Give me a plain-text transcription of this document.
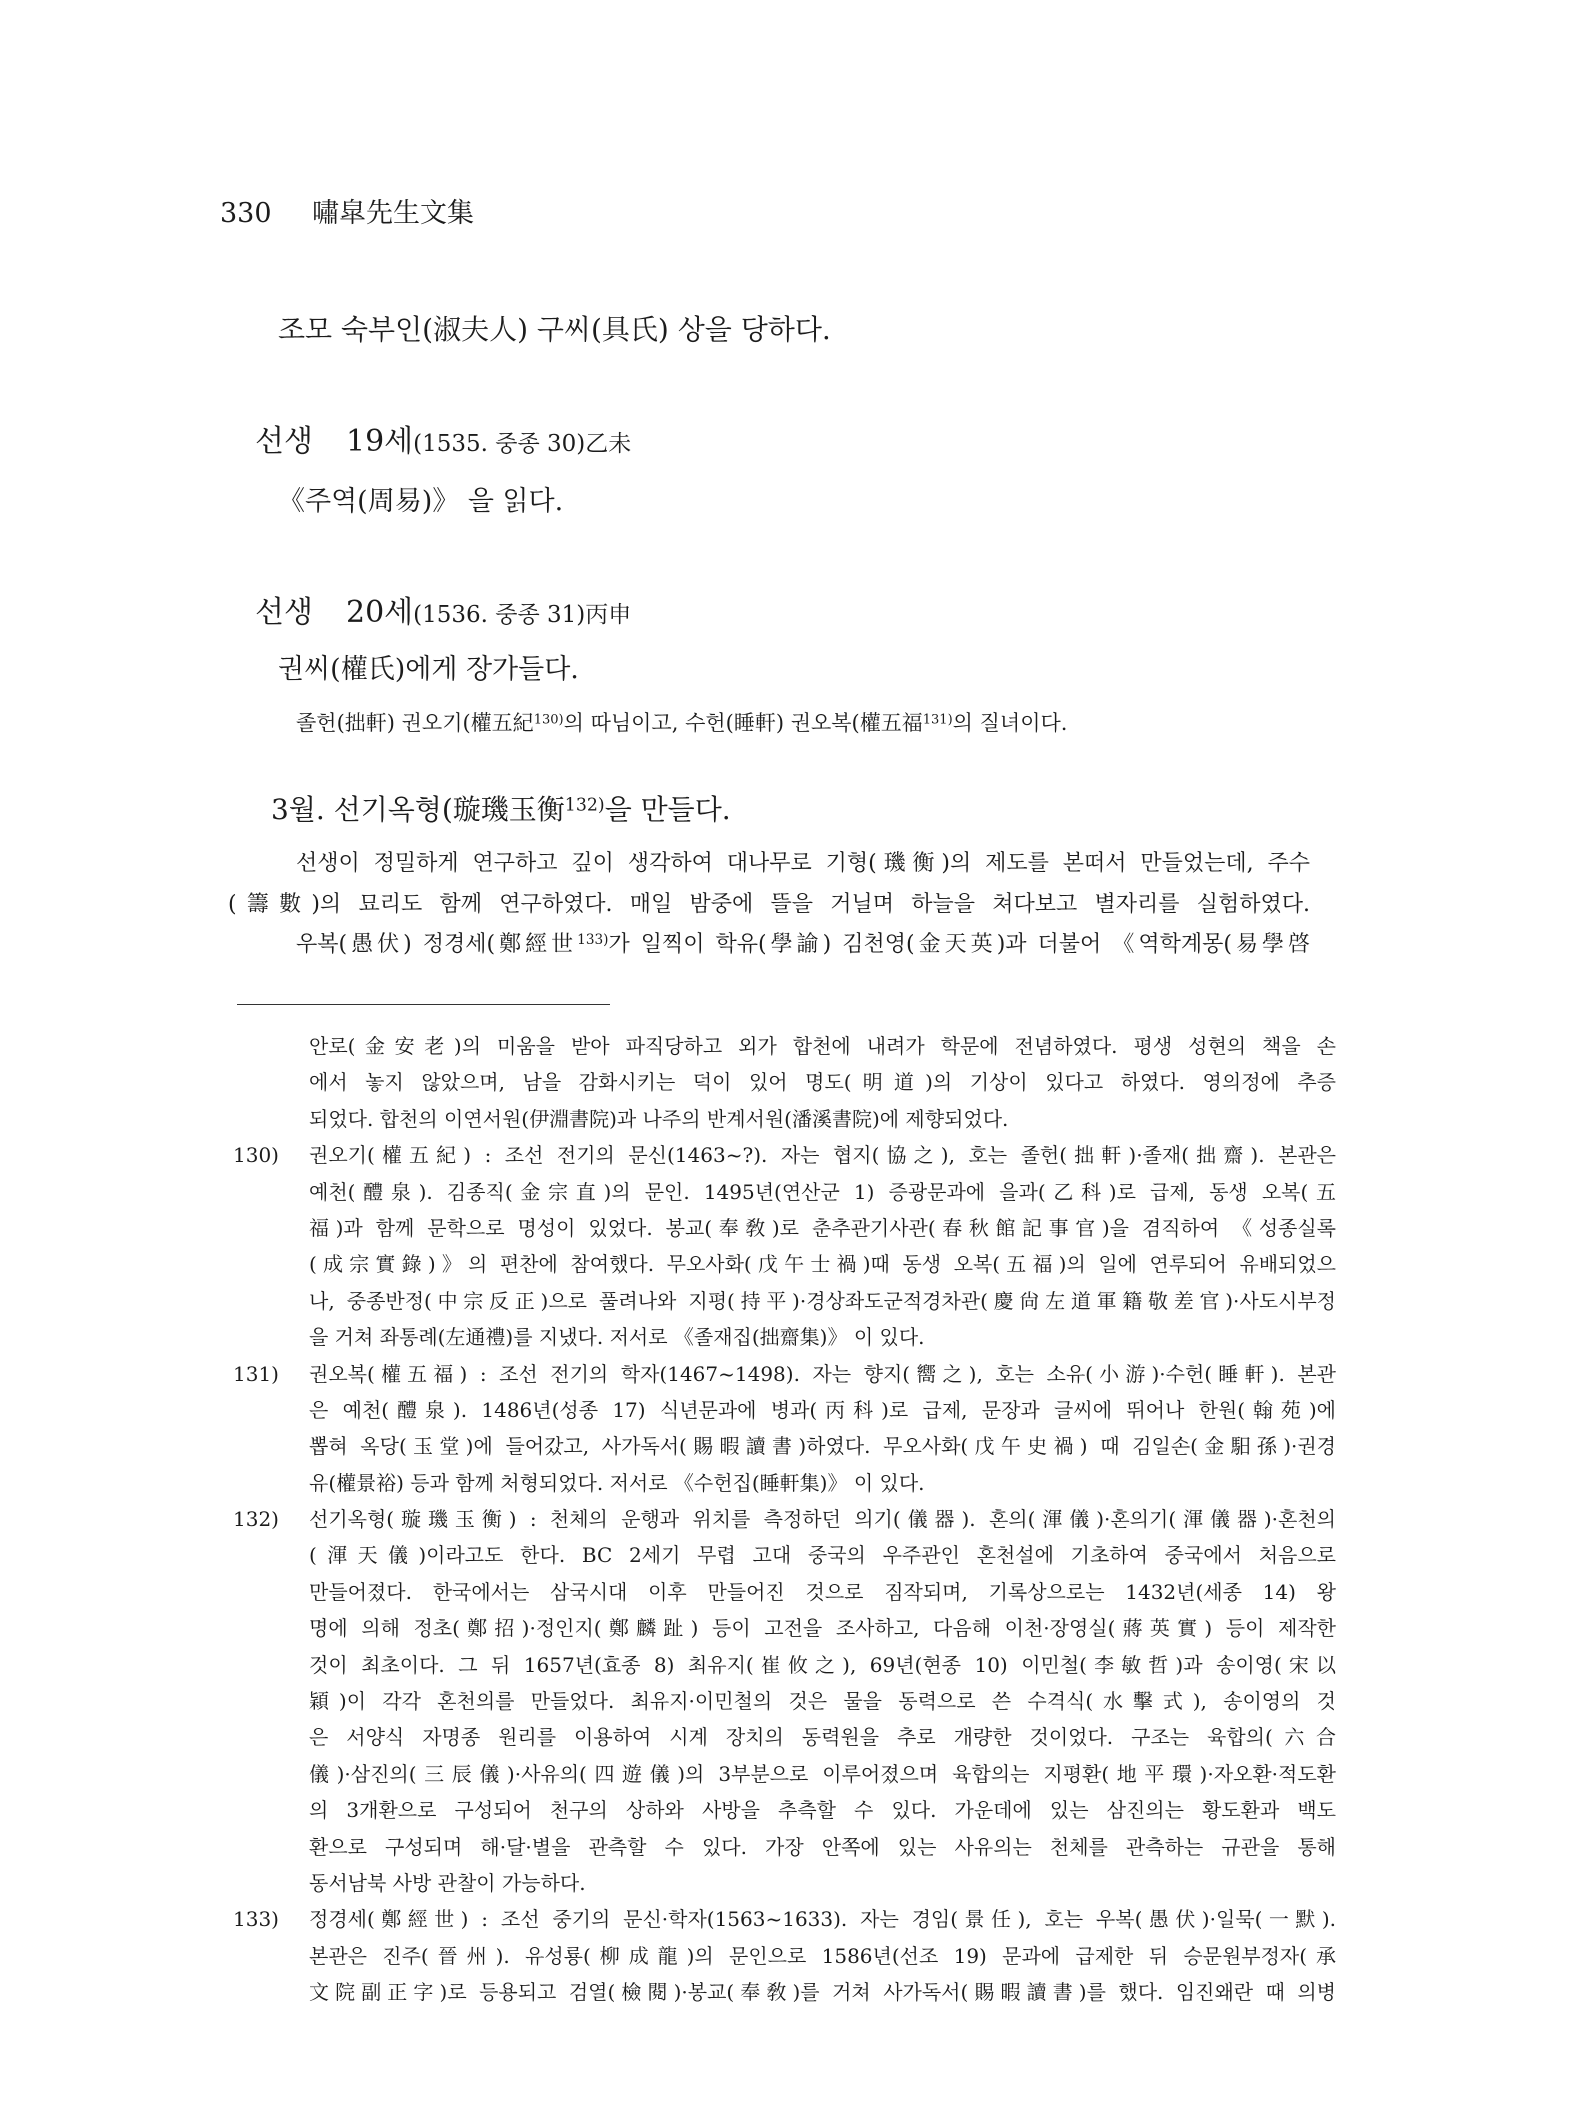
330 嘯皐先生文集
조모 숙부인(淑夫人) 구씨(具氏) 상을 당하다.
선생 19세(1535. 중종 30)乙未
《주역(周易)》 을 읽다.
선생 20세(1536. 중종 31)丙申
권씨(權氏)에게 장가들다.
졸헌(拙軒) 권오기(權五紀$^{130)}$의 따님이고, 수헌(睡軒) 권오복(權五福$^{131)}$의 질녀이다.
3월. 선기옥형(璇璣玉衡$^{132)}$을 만들다.
선생이 정밀하게 연구하고 깊이 생각하여 대나무로 기형(璣衡)의 제도를 본떠서 만들었는데, 주수
(籌數)의 묘리도 함께 연구하였다. 매일 밤중에 뜰을 거닐며 하늘을 쳐다보고 별자리를 실험하였다.
우복(愚伏) 정경세(鄭經世$^{133)}$가 일찍이 학유(學諭) 김천영(金天英)과 더불어 《역학계몽(易學啓
안로(金安老)의 미움을 받아 파직당하고 외가 합천에 내려가 학문에 전념하였다. 평생 성현의 책을 손
에서 놓지 않았으며, 남을 감화시키는 덕이 있어 명도(明道)의 기상이 있다고 하였다. 영의정에 추증
되었다. 합천의 이연서원(伊淵書院)과 나주의 반계서원(潘溪書院)에 제향되었다.
130) 권오기(權五紀) : 조선 전기의 문신(1463~?). 자는 협지(協之), 호는 졸헌(拙軒)·졸재(拙齋). 본관은
예천(醴泉). 김종직(金宗直)의 문인. 1495년(연산군 1) 증광문과에 을과(乙科)로 급제, 동생 오복(五
福)과 함께 문학으로 명성이 있었다. 봉교(奉敎)로 춘추관기사관(春秋館記事官)을 겸직하여 《성종실록
(成宗實錄)》의 편찬에 참여했다. 무오사화(戊午士禍)때 동생 오복(五福)의 일에 연루되어 유배되었으
나, 중종반정(中宗反正)으로 풀려나와 지평(持平)·경상좌도군적경차관(慶尙左道軍籍敬差官)·사도시부정
을 거쳐 좌통례(左通禮)를 지냈다. 저서로 《졸재집(拙齋集)》 이 있다.
131) 권오복(權五福) : 조선 전기의 학자(1467~1498). 자는 향지(嚮之), 호는 소유(小游)·수헌(睡軒). 본관
은 예천(醴泉). 1486년(성종 17) 식년문과에 병과(丙科)로 급제, 문장과 글씨에 뛰어나 한원(翰苑)에
뽑혀 옥당(玉堂)에 들어갔고, 사가독서(賜暇讀書)하였다. 무오사화(戊午史禍) 때 김일손(金馹孫)·권경
유(權景裕) 등과 함께 처형되었다. 저서로 《수헌집(睡軒集)》 이 있다.
132) 선기옥형(璇璣玉衡) : 천체의 운행과 위치를 측정하던 의기(儀器). 혼의(渾儀)·혼의기(渾儀器)·혼천의
(渾天儀)이라고도 한다. BC 2세기 무렵 고대 중국의 우주관인 혼천설에 기초하여 중국에서 처음으로
만들어졌다. 한국에서는 삼국시대 이후 만들어진 것으로 짐작되며, 기록상으로는 1432년(세종 14) 왕
명에 의해 정초(鄭招)·정인지(鄭麟趾) 등이 고전을 조사하고, 다음해 이천·장영실(蔣英實) 등이 제작한
것이 최초이다. 그 뒤 1657년(효종 8) 최유지(崔攸之), 69년(현종 10) 이민철(李敏哲)과 송이영(宋以
穎)이 각각 혼천의를 만들었다. 최유지·이민철의 것은 물을 동력으로 쓴 수격식(水擊式), 송이영의 것
은 서양식 자명종 원리를 이용하여 시계 장치의 동력원을 추로 개량한 것이었다. 구조는 육합의(六合
儀)·삼진의(三辰儀)·사유의(四遊儀)의 3부분으로 이루어졌으며 육합의는 지평환(地平環)·자오환·적도환
의 3개환으로 구성되어 천구의 상하와 사방을 추측할 수 있다. 가운데에 있는 삼진의는 황도환과 백도
환으로 구성되며 해·달·별을 관측할 수 있다. 가장 안쪽에 있는 사유의는 천체를 관측하는 규관을 통해
동서남북 사방 관찰이 가능하다.
133) 정경세(鄭經世) : 조선 중기의 문신·학자(1563~1633). 자는 경임(景任), 호는 우복(愚伏)·일묵(一默).
본관은 진주(晉州). 유성룡(柳成龍)의 문인으로 1586년(선조 19) 문과에 급제한 뒤 승문원부정자(承
文院副正字)로 등용되고 검열(檢閱)·봉교(奉敎)를 거쳐 사가독서(賜暇讀書)를 했다. 임진왜란 때 의병
